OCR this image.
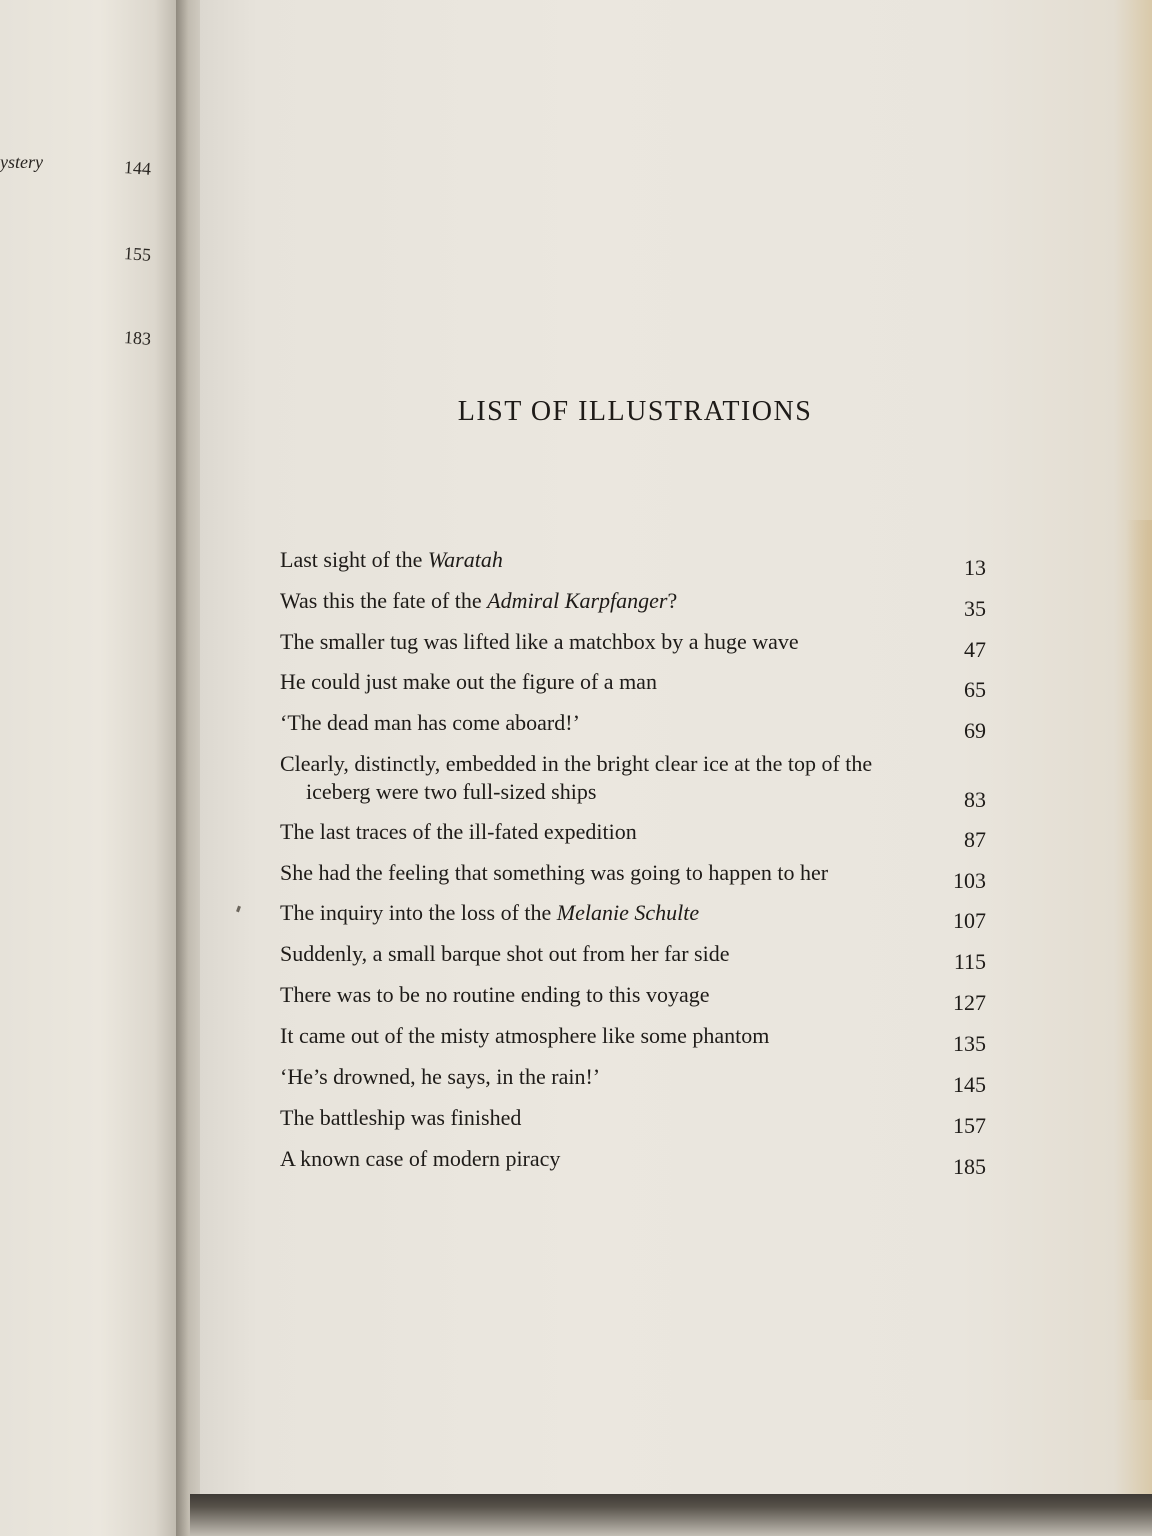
ystery	144
155
183
LIST OF ILLUSTRATIONS
Last sight of the Waratah	13
Was this the fate of the Admiral Karpfanger?	35
The smaller tug was lifted like a matchbox by a huge wave	47
He could just make out the figure of a man	65
‘The dead man has come aboard!’	69
Clearly, distinctly, embedded in the bright clear ice at the top of the iceberg were two full-sized ships	83
The last traces of the ill-fated expedition	87
She had the feeling that something was going to happen to her	103
The inquiry into the loss of the Melanie Schulte	107
Suddenly, a small barque shot out from her far side	115
There was to be no routine ending to this voyage	127
It came out of the misty atmosphere like some phantom	135
‘He’s drowned, he says, in the rain!’	145
The battleship was finished	157
A known case of modern piracy	185
